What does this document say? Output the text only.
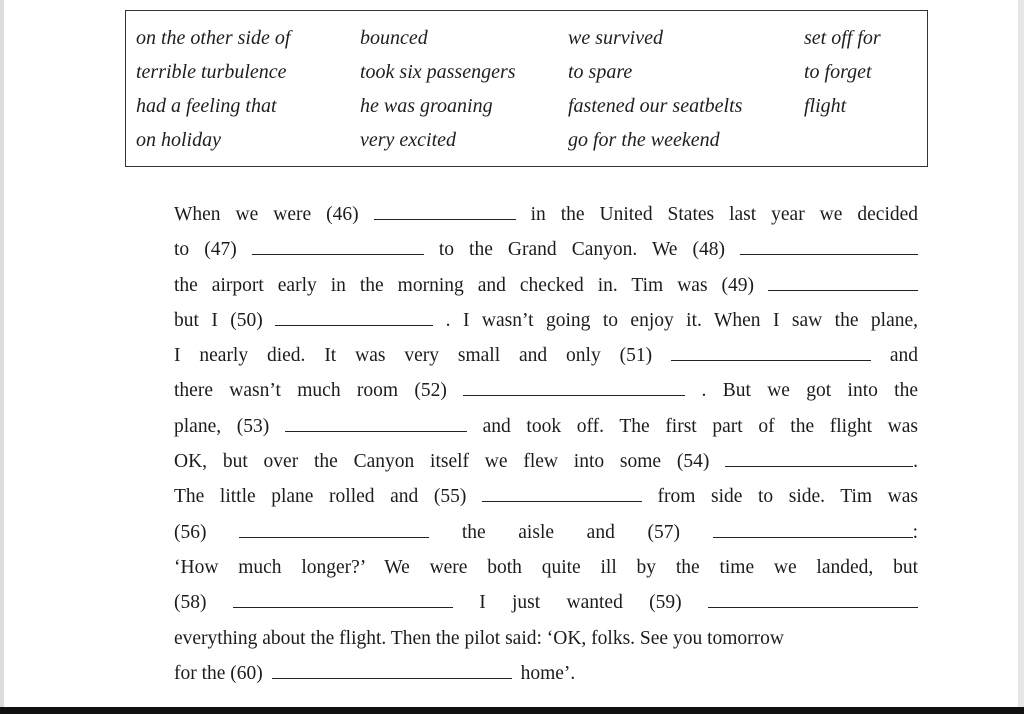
on the other side of	bounced	we survived	set off for
terrible turbulence	took six passengers	to spare	to forget
had a feeling that	he was groaning	fastened our seatbelts	flight
on holiday	very excited	go for the weekend
When we were (46)	in the United States last year we decided
to (47)	to the Grand Canyon. We (48)
the airport early in the morning and checked in. Tim was (49)
but I (50)	. I wasn’t going to enjoy it. When I saw the plane,
I nearly died. It was very small and only (51)	and
there wasn’t much room (52)	. But we got into the
plane, (53)	and took off. The first part of the flight was
OK, but over the Canyon itself we flew into some (54)	.
The little plane rolled and (55)	from side to side. Tim was
(56)	the aisle and (57)	:
‘How much longer?’ We were both quite ill by the time we landed, but
(58)	I just wanted (59)
everything about the flight. Then the pilot said: ‘OK, folks. See you tomorrow
for the (60)	home’.
